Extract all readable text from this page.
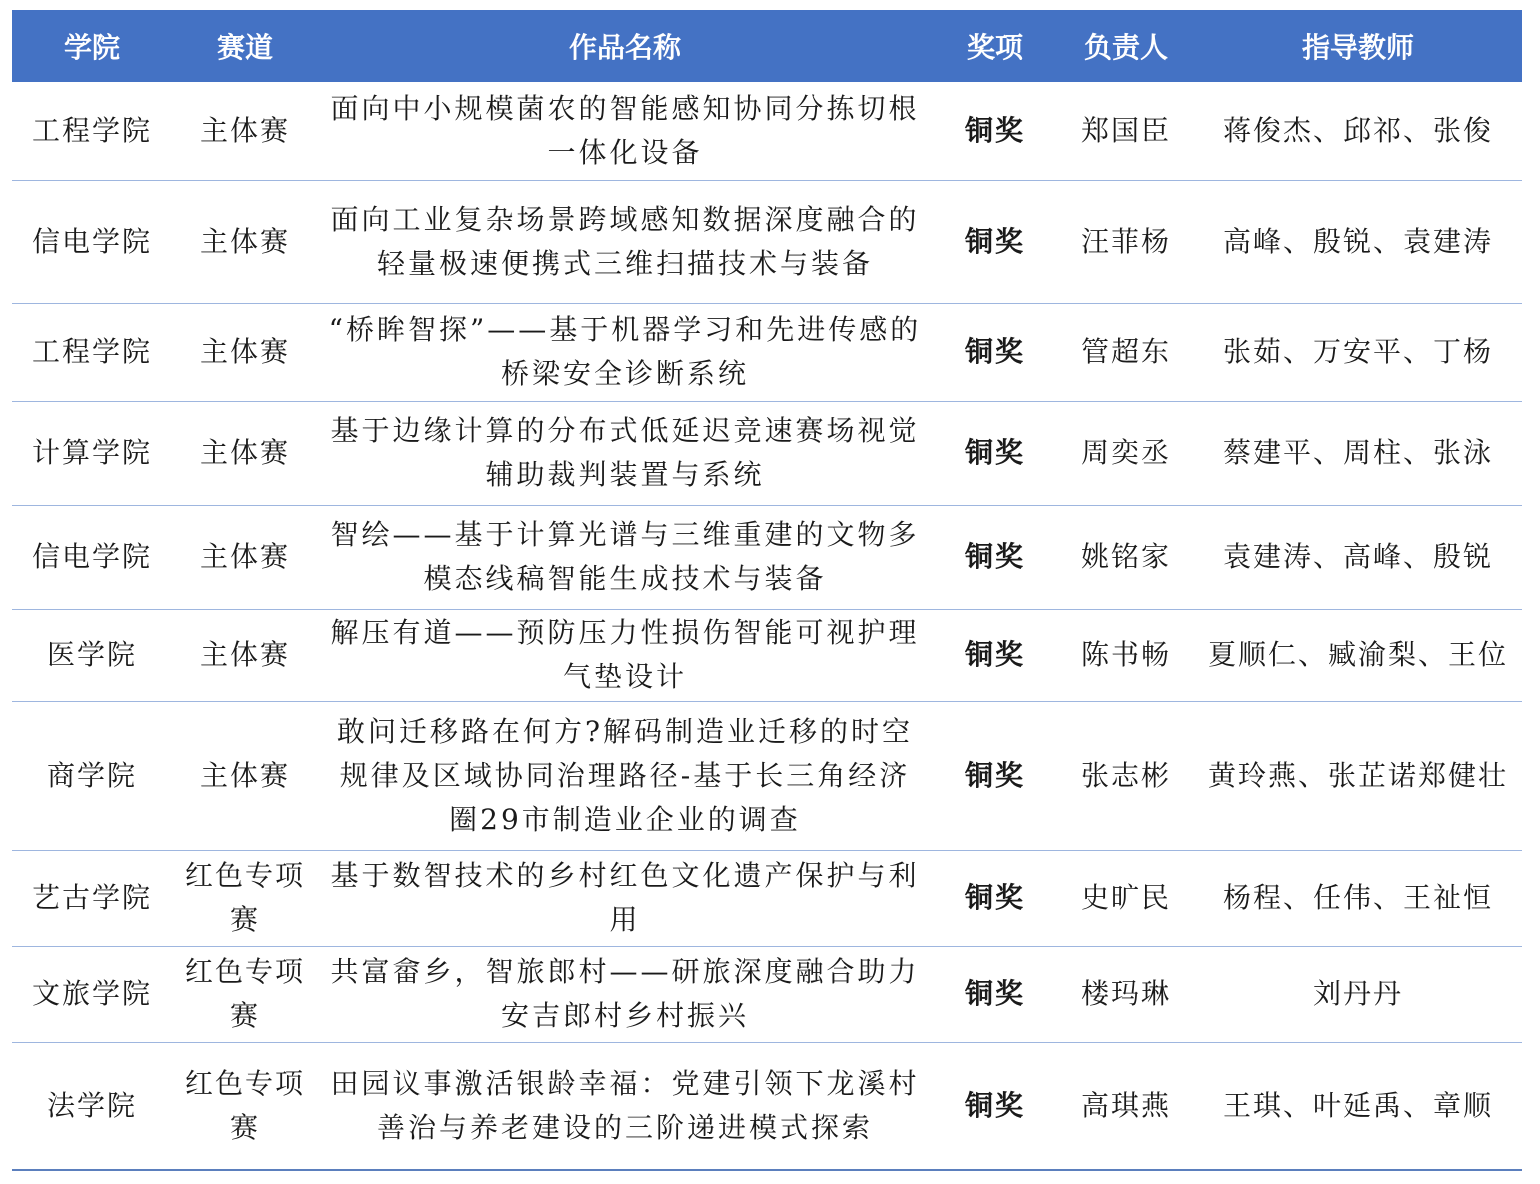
学院	赛道	作品名称	奖项	负责人	指导教师
工程学院	主体赛	面向中小规模菌农的智能感知协同分拣切根一体化设备	铜奖	郑国臣	蒋俊杰、邱祁、张俊
信电学院	主体赛	面向工业复杂场景跨域感知数据深度融合的轻量极速便携式三维扫描技术与装备	铜奖	汪菲杨	高峰、殷锐、袁建涛
工程学院	主体赛	“桥眸智探”——基于机器学习和先进传感的桥梁安全诊断系统	铜奖	管超东	张茹、万安平、丁杨
计算学院	主体赛	基于边缘计算的分布式低延迟竞速赛场视觉辅助裁判装置与系统	铜奖	周奕丞	蔡建平、周柱、张泳
信电学院	主体赛	智绘——基于计算光谱与三维重建的文物多模态线稿智能生成技术与装备	铜奖	姚铭家	袁建涛、高峰、殷锐
医学院	主体赛	解压有道——预防压力性损伤智能可视护理气垫设计	铜奖	陈书畅	夏顺仁、臧渝梨、王位
商学院	主体赛	敢问迁移路在何方?解码制造业迁移的时空规律及区域协同治理路径-基于长三角经济圈29市制造业企业的调查	铜奖	张志彬	黄玲燕、张芷诺郑健壮
艺古学院	红色专项赛	基于数智技术的乡村红色文化遗产保护与利用	铜奖	史旷民	杨程、任伟、王祉恒
文旅学院	红色专项赛	共富畲乡，智旅郎村——研旅深度融合助力安吉郎村乡村振兴	铜奖	楼玛琳	刘丹丹
法学院	红色专项赛	田园议事激活银龄幸福：党建引领下龙溪村善治与养老建设的三阶递进模式探索	铜奖	高琪燕	王琪、叶延禹、章顺
